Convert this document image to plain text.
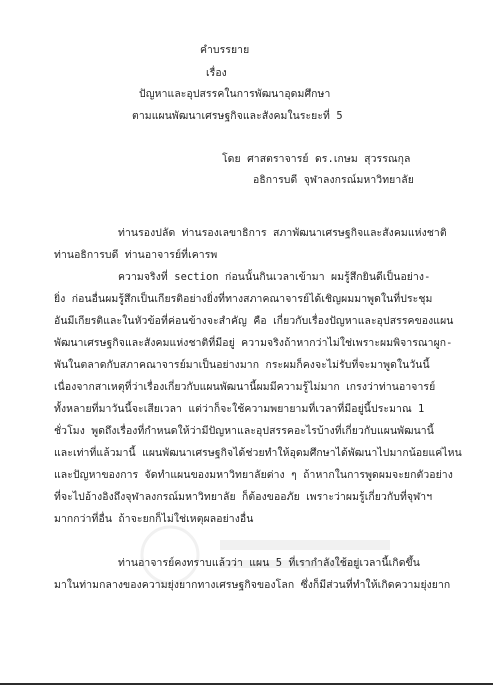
คำบรรยาย
เรื่อง
ปัญหาและอุปสรรคในการพัฒนาอุดมศึกษา
ตามแผนพัฒนาเศรษฐกิจและสังคมในระยะที่ 5
โดย ศาสตราจารย์ ดร.เกษม สุวรรณกุล
อธิการบดี จุฬาลงกรณ์มหาวิทยาลัย
ท่านรองปลัด ท่านรองเลขาธิการ สภาพัฒนาเศรษฐกิจและสังคมแห่งชาติ
ท่านอธิการบดี ท่านอาจารย์ที่เคารพ
ความจริงที่ section ก่อนนั้นกินเวลาเข้ามา ผมรู้สึกยินดีเป็นอย่าง-
ยิ่ง ก่อนอื่นผมรู้สึกเป็นเกียรติอย่างยิ่งที่ทางสภาคณาจารย์ได้เชิญผมมาพูดในที่ประชุม
อันมีเกียรติและในหัวข้อที่ค่อนข้างจะสำคัญ คือ เกี่ยวกับเรื่องปัญหาและอุปสรรคของแผน
พัฒนาเศรษฐกิจและสังคมแห่งชาติที่มีอยู่ ความจริงถ้าหากว่าไม่ใช่เพราะผมพิจารณาผูก-
พันในตลาดกับสภาคณาจารย์มาเป็นอย่างมาก กระผมก็คงจะไม่รับที่จะมาพูดในวันนี้
เนื่องจากสาเหตุที่ว่าเรื่องเกี่ยวกับแผนพัฒนานี้ผมมีความรู้ไม่มาก เกรงว่าท่านอาจารย์
ทั้งหลายที่มาวันนี้จะเสียเวลา แต่ว่าก็จะใช้ความพยายามที่เวลาที่มีอยู่นี้ประมาณ 1
ชั่วโมง พูดถึงเรื่องที่กำหนดให้ว่ามีปัญหาและอุปสรรคอะไรบ้างที่เกี่ยวกับแผนพัฒนานี้
และเท่าที่แล้วมานี้ แผนพัฒนาเศรษฐกิจได้ช่วยทำให้อุดมศึกษาได้พัฒนาไปมากน้อยแค่ไหน
และปัญหาของการ จัดทำแผนของมหาวิทยาลัยต่าง ๆ ถ้าหากในการพูดผมจะยกตัวอย่าง
ที่จะไปอ้างอิงถึงจุฬาลงกรณ์มหาวิทยาลัย ก็ต้องขออภัย เพราะว่าผมรู้เกี่ยวกับที่จุฬาฯ
มากกว่าที่อื่น ถ้าจะยกก็ไม่ใช่เหตุผลอย่างอื่น
ท่านอาจารย์คงทราบแล้วว่า แผน 5 ที่เรากำลังใช้อยู่เวลานี้เกิดขึ้น
มาในท่ามกลางของความยุ่งยากทางเศรษฐกิจของโลก ซึ่งก็มีส่วนที่ทำให้เกิดความยุ่งยาก
